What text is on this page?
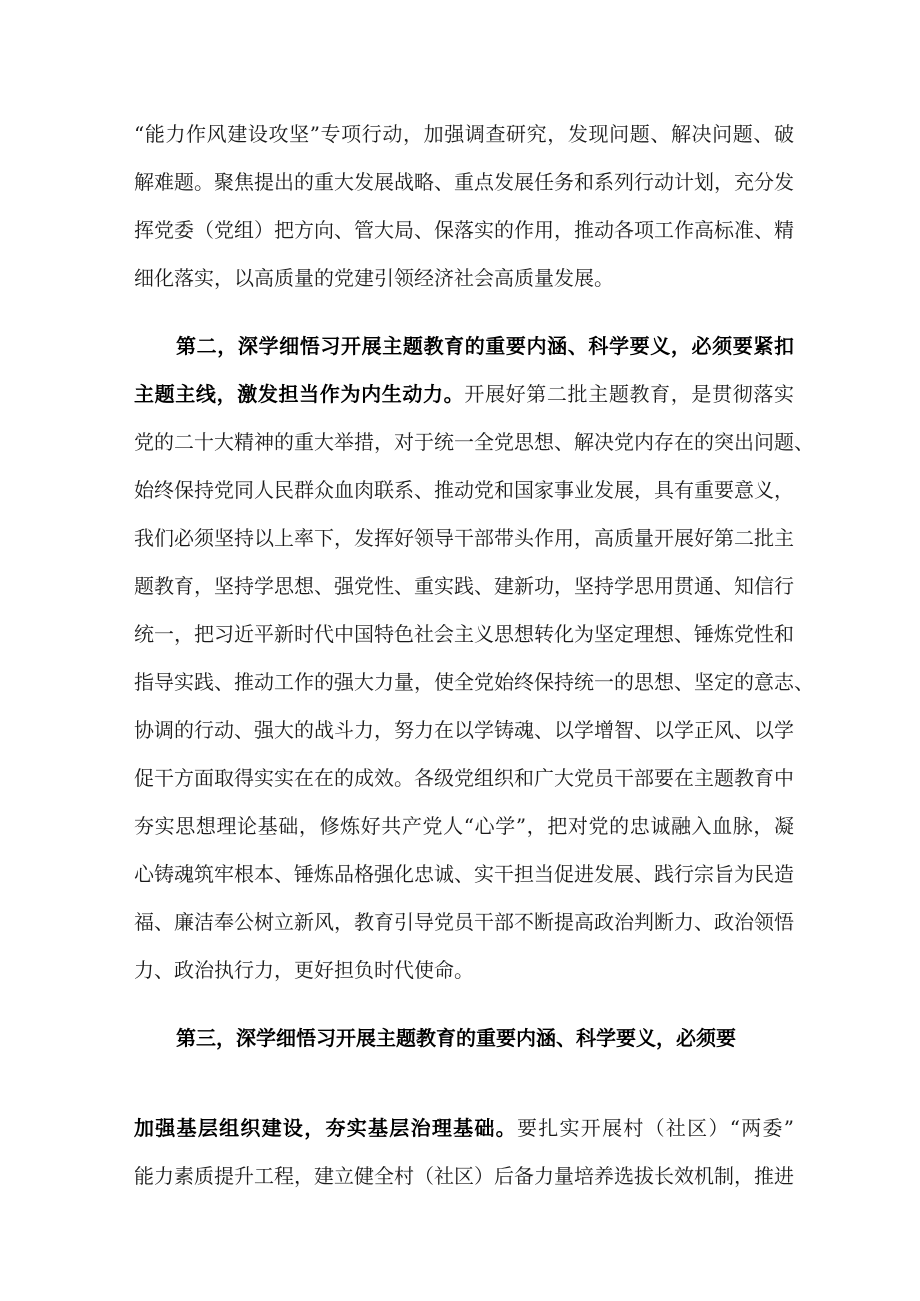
“能力作风建设攻坚”专项行动，加强调查研究，发现问题、解决问题、破
解难题。聚焦提出的重大发展战略、重点发展任务和系列行动计划，充分发
挥党委（党组）把方向、管大局、保落实的作用，推动各项工作高标准、精
细化落实，以高质量的党建引领经济社会高质量发展。
第二，深学细悟习开展主题教育的重要内涵、科学要义，必须要紧扣
主题主线，激发担当作为内生动力。开展好第二批主题教育，是贯彻落实
党的二十大精神的重大举措，对于统一全党思想、解决党内存在的突出问题、
始终保持党同人民群众血肉联系、推动党和国家事业发展，具有重要意义，
我们必须坚持以上率下，发挥好领导干部带头作用，高质量开展好第二批主
题教育，坚持学思想、强党性、重实践、建新功，坚持学思用贯通、知信行
统一，把习近平新时代中国特色社会主义思想转化为坚定理想、锤炼党性和
指导实践、推动工作的强大力量，使全党始终保持统一的思想、坚定的意志、
协调的行动、强大的战斗力，努力在以学铸魂、以学增智、以学正风、以学
促干方面取得实实在在的成效。各级党组织和广大党员干部要在主题教育中
夯实思想理论基础，修炼好共产党人“心学”，把对党的忠诚融入血脉，凝
心铸魂筑牢根本、锤炼品格强化忠诚、实干担当促进发展、践行宗旨为民造
福、廉洁奉公树立新风，教育引导党员干部不断提高政治判断力、政治领悟
力、政治执行力，更好担负时代使命。
第三，深学细悟习开展主题教育的重要内涵、科学要义，必须要
加强基层组织建设，夯实基层治理基础。要扎实开展村（社区）“两委”
能力素质提升工程，建立健全村（社区）后备力量培养选拔长效机制，推进
